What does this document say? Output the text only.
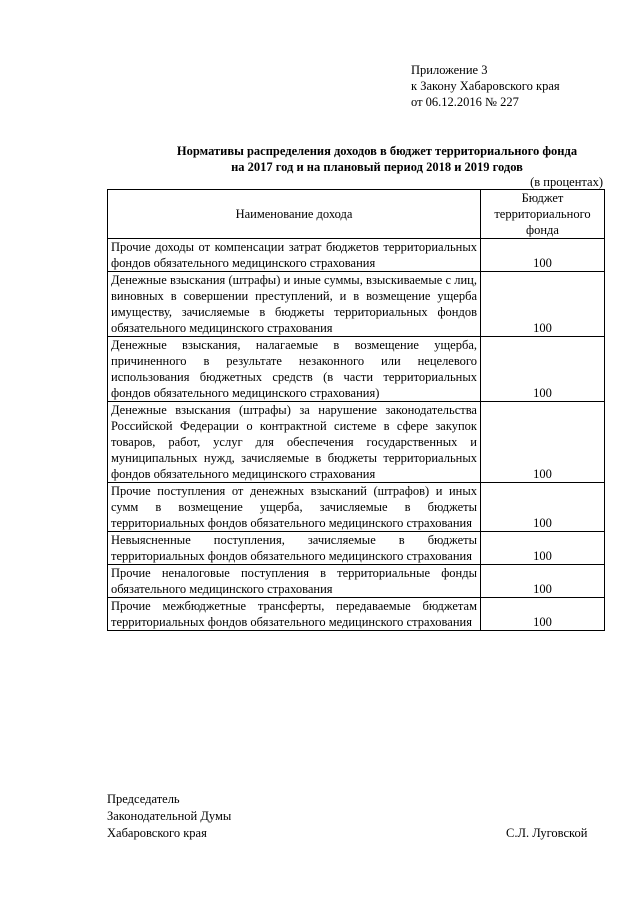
Приложение 3
к Закону Хабаровского края
от 06.12.2016 № 227
Нормативы распределения доходов в бюджет территориального фонда
на 2017 год и на плановый период 2018 и 2019 годов
(в процентах)
Наименование дохода	Бюджет территориального фонда
Прочие доходы от компенсации затрат бюджетов территориальных фондов обязательного медицинского страхования	100
Денежные взыскания (штрафы) и иные суммы, взыскиваемые с лиц, виновных в совершении преступлений, и в возмещение ущерба имуществу, зачисляемые в бюджеты территориальных фондов обязательного медицинского страхования	100
Денежные взыскания, налагаемые в возмещение ущерба, причиненного в результате незаконного или нецелевого использования бюджетных средств (в части территориальных фондов обязательного медицинского страхования)	100
Денежные взыскания (штрафы) за нарушение законодательства Российской Федерации о контрактной системе в сфере закупок товаров, работ, услуг для обеспечения государственных и муниципальных нужд, зачисляемые в бюджеты территориальных фондов обязательного медицинского страхования	100
Прочие поступления от денежных взысканий (штрафов) и иных сумм в возмещение ущерба, зачисляемые в бюджеты территориальных фондов обязательного медицинского страхования	100
Невыясненные поступления, зачисляемые в бюджеты территориальных фондов обязательного медицинского страхования	100
Прочие неналоговые поступления в территориальные фонды обязательного медицинского страхования	100
Прочие межбюджетные трансферты, передаваемые бюджетам территориальных фондов обязательного медицинского страхования	100
Председатель
Законодательной Думы
Хабаровского края	С.Л. Луговской
